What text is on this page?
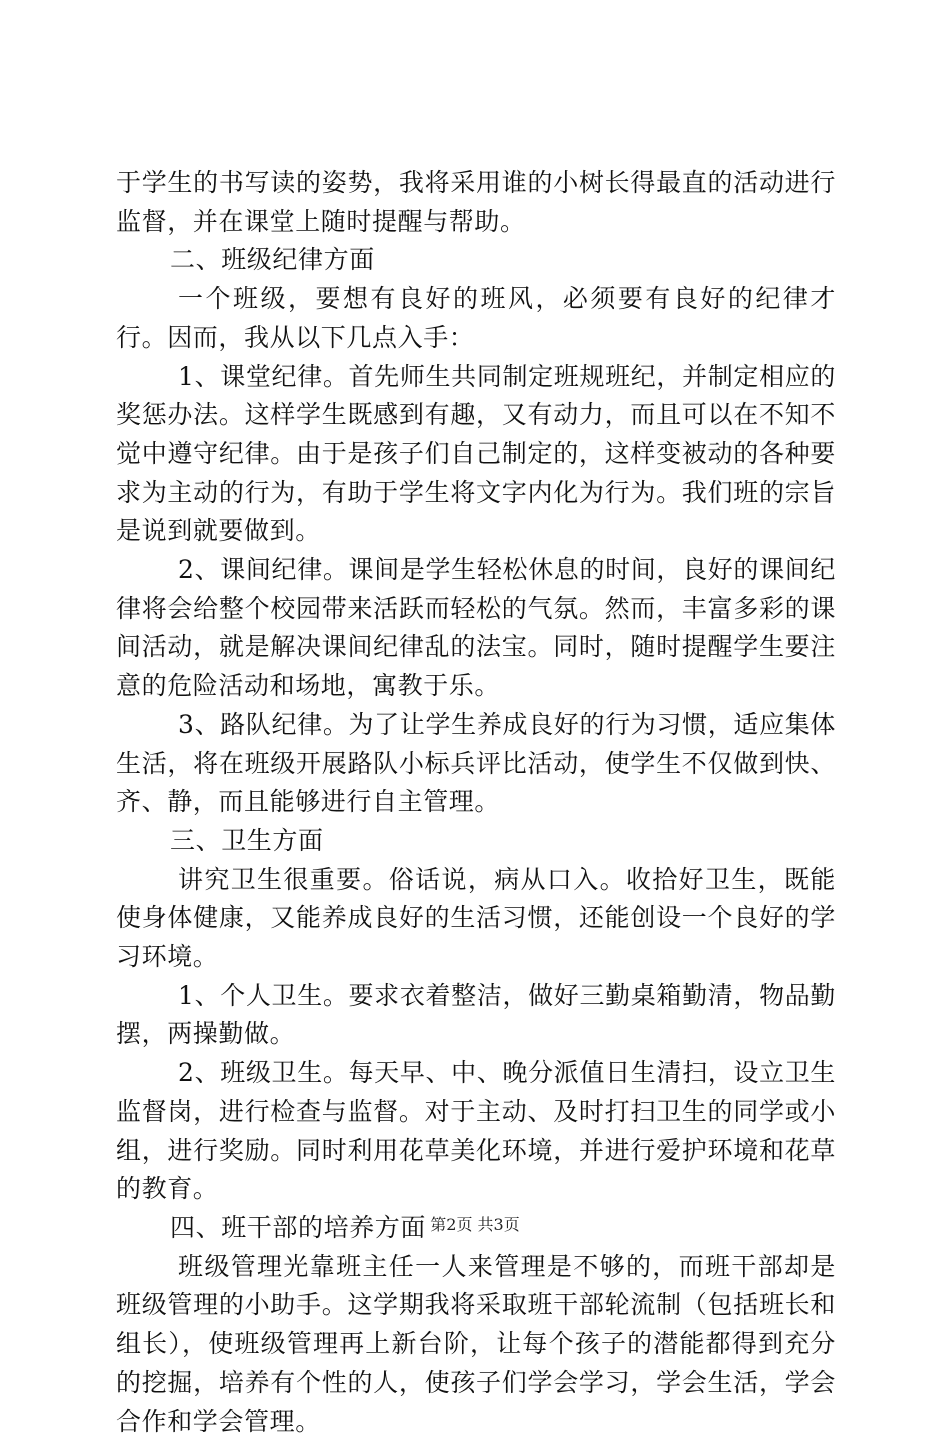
于学生的书写读的姿势，我将采用谁的小树长得最直的活动进行监督，并在课堂上随时提醒与帮助。

二、班级纪律方面

一个班级，要想有良好的班风，必须要有良好的纪律才行。因而，我从以下几点入手：

1、课堂纪律。首先师生共同制定班规班纪，并制定相应的奖惩办法。这样学生既感到有趣，又有动力，而且可以在不知不觉中遵守纪律。由于是孩子们自己制定的，这样变被动的各种要求为主动的行为，有助于学生将文字内化为行为。我们班的宗旨是说到就要做到。

2、课间纪律。课间是学生轻松休息的时间，良好的课间纪律将会给整个校园带来活跃而轻松的气氛。然而，丰富多彩的课间活动，就是解决课间纪律乱的法宝。同时，随时提醒学生要注意的危险活动和场地，寓教于乐。

3、路队纪律。为了让学生养成良好的行为习惯，适应集体生活，将在班级开展路队小标兵评比活动，使学生不仅做到快、齐、静，而且能够进行自主管理。

三、卫生方面

讲究卫生很重要。俗话说，病从口入。收拾好卫生，既能使身体健康，又能养成良好的生活习惯，还能创设一个良好的学习环境。

1、个人卫生。要求衣着整洁，做好三勤桌箱勤清，物品勤摆，两操勤做。

2、班级卫生。每天早、中、晚分派值日生清扫，设立卫生监督岗，进行检查与监督。对于主动、及时打扫卫生的同学或小组，进行奖励。同时利用花草美化环境，并进行爱护环境和花草的教育。

四、班干部的培养方面

班级管理光靠班主任一人来管理是不够的，而班干部却是班级管理的小助手。这学期我将采取班干部轮流制（包括班长和组长），使班级管理再上新台阶，让每个孩子的潜能都得到充分的挖掘，培养有个性的人，使孩子们学会学习，学会生活，学会合作和学会管理。

第2页 共3页
